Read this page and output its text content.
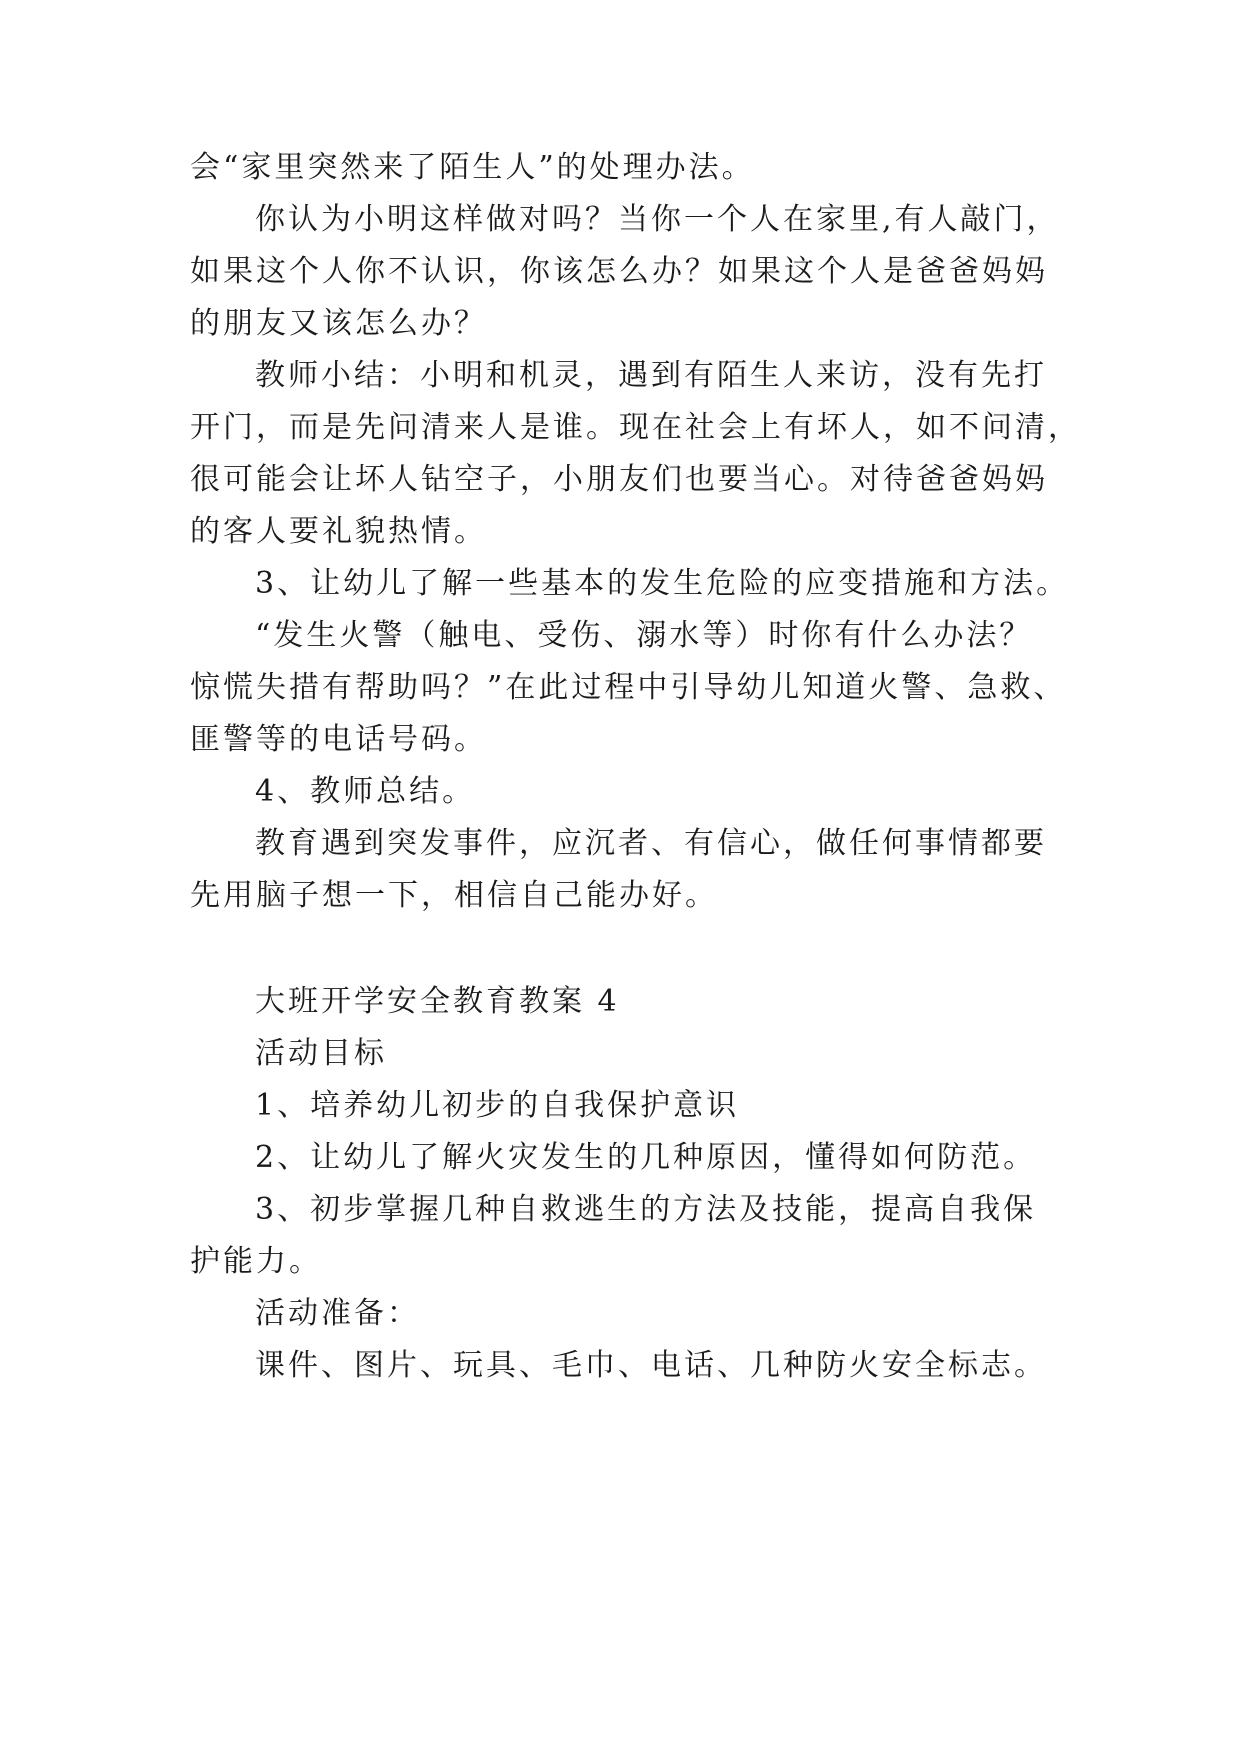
会“家里突然来了陌生人”的处理办法。
你认为小明这样做对吗？当你一个人在家里,有人敲门，
如果这个人你不认识，你该怎么办？如果这个人是爸爸妈妈
的朋友又该怎么办？
教师小结：小明和机灵，遇到有陌生人来访，没有先打
开门，而是先问清来人是谁。现在社会上有坏人，如不问清，
很可能会让坏人钻空子，小朋友们也要当心。对待爸爸妈妈
的客人要礼貌热情。
3、让幼儿了解一些基本的发生危险的应变措施和方法。
“发生火警（触电、受伤、溺水等）时你有什么办法？
惊慌失措有帮助吗？”在此过程中引导幼儿知道火警、急救、
匪警等的电话号码。
4、教师总结。
教育遇到突发事件，应沉者、有信心，做任何事情都要
先用脑子想一下，相信自己能办好。
大班开学安全教育教案 4
活动目标
1、培养幼儿初步的自我保护意识
2、让幼儿了解火灾发生的几种原因，懂得如何防范。
3、初步掌握几种自救逃生的方法及技能，提高自我保
护能力。
活动准备：
课件、图片、玩具、毛巾、电话、几种防火安全标志。
